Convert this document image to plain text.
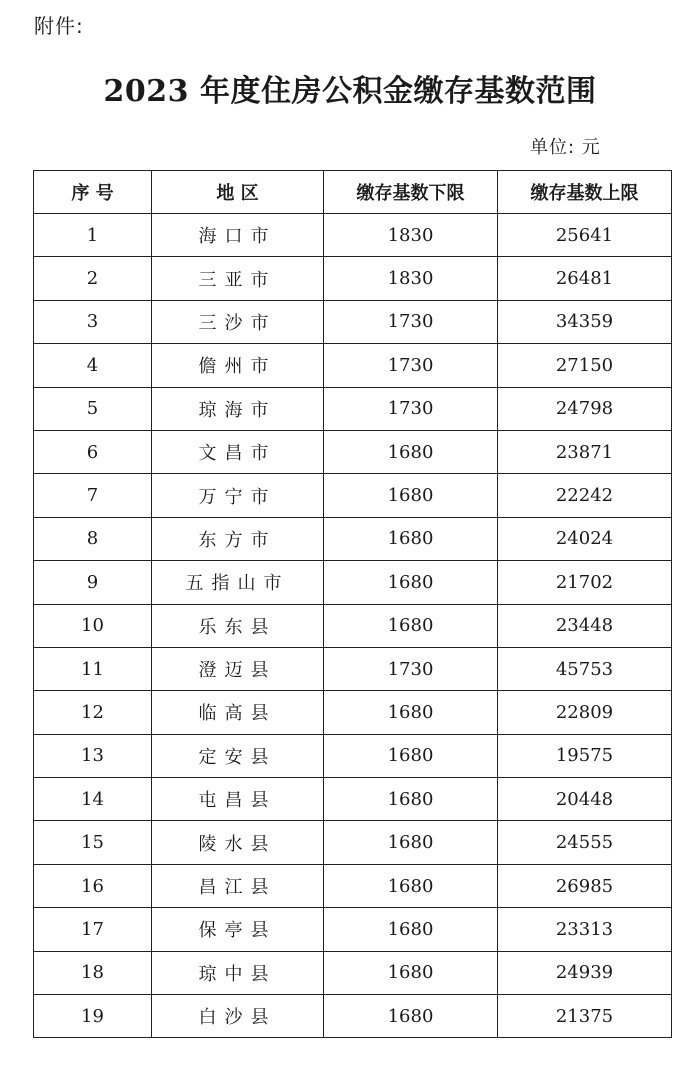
附件:
2023 年度住房公积金缴存基数范围
单位: 元
序 号	地 区	缴存基数下限	缴存基数上限
1	海口市	1830	25641
2	三亚市	1830	26481
3	三沙市	1730	34359
4	儋州市	1730	27150
5	琼海市	1730	24798
6	文昌市	1680	23871
7	万宁市	1680	22242
8	东方市	1680	24024
9	五指山市	1680	21702
10	乐东县	1680	23448
11	澄迈县	1730	45753
12	临高县	1680	22809
13	定安县	1680	19575
14	屯昌县	1680	20448
15	陵水县	1680	24555
16	昌江县	1680	26985
17	保亭县	1680	23313
18	琼中县	1680	24939
19	白沙县	1680	21375
